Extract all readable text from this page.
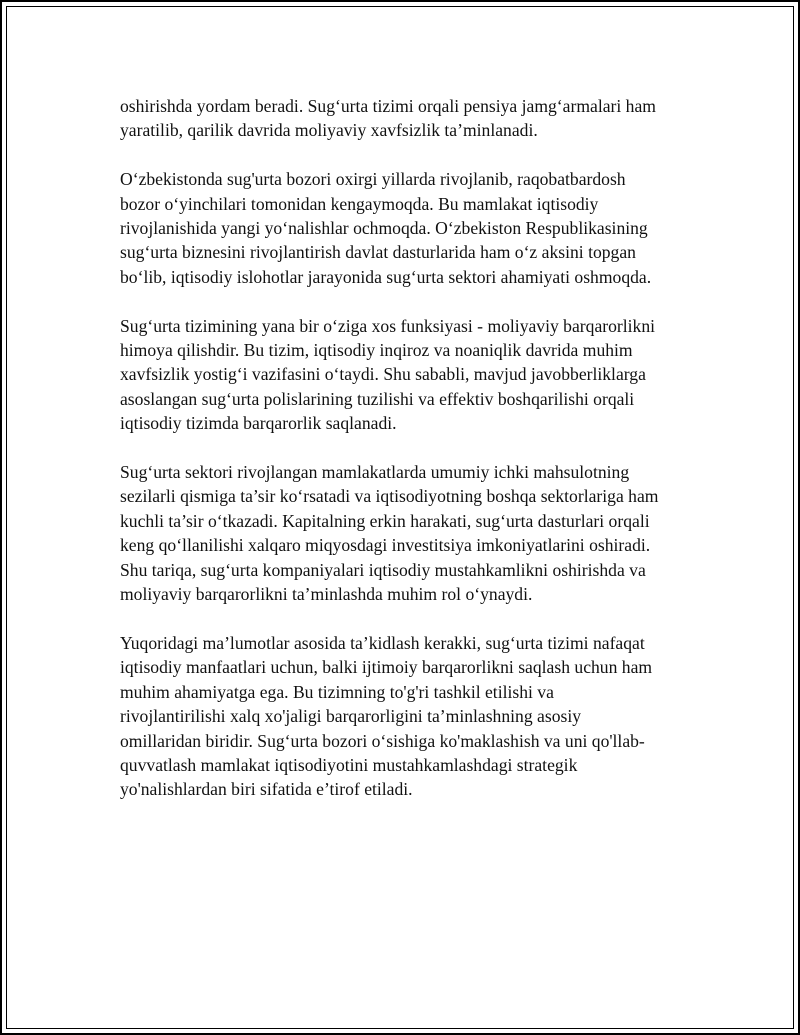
oshirishda yordam beradi. Sug‘urta tizimi orqali pensiya jamg‘armalari ham
yaratilib, qarilik davrida moliyaviy xavfsizlik ta’minlanadi.

O‘zbekistonda sug'urta bozori oxirgi yillarda rivojlanib, raqobatbardosh
bozor o‘yinchilari tomonidan kengaymoqda. Bu mamlakat iqtisodiy
rivojlanishida yangi yo‘nalishlar ochmoqda. O‘zbekiston Respublikasining
sug‘urta biznesini rivojlantirish davlat dasturlarida ham o‘z aksini topgan
bo‘lib, iqtisodiy islohotlar jarayonida sug‘urta sektori ahamiyati oshmoqda.

Sug‘urta tizimining yana bir o‘ziga xos funksiyasi - moliyaviy barqarorlikni
himoya qilishdir. Bu tizim, iqtisodiy inqiroz va noaniqlik davrida muhim
xavfsizlik yostig‘i vazifasini o‘taydi. Shu sababli, mavjud javobberliklarga
asoslangan sug‘urta polislarining tuzilishi va effektiv boshqarilishi orqali
iqtisodiy tizimda barqarorlik saqlanadi.

Sug‘urta sektori rivojlangan mamlakatlarda umumiy ichki mahsulotning
sezilarli qismiga ta’sir ko‘rsatadi va iqtisodiyotning boshqa sektorlariga ham
kuchli ta’sir o‘tkazadi. Kapitalning erkin harakati, sug‘urta dasturlari orqali
keng qo‘llanilishi xalqaro miqyosdagi investitsiya imkoniyatlarini oshiradi.
Shu tariqa, sug‘urta kompaniyalari iqtisodiy mustahkamlikni oshirishda va
moliyaviy barqarorlikni ta’minlashda muhim rol o‘ynaydi.

Yuqoridagi ma’lumotlar asosida ta’kidlash kerakki, sug‘urta tizimi nafaqat
iqtisodiy manfaatlari uchun, balki ijtimoiy barqarorlikni saqlash uchun ham
muhim ahamiyatga ega. Bu tizimning to'g'ri tashkil etilishi va
rivojlantirilishi xalq xo'jaligi barqarorligini ta’minlashning asosiy
omillaridan biridir. Sug‘urta bozori o‘sishiga ko'maklashish va uni qo'llab-
quvvatlash mamlakat iqtisodiyotini mustahkamlashdagi strategik
yo'nalishlardan biri sifatida e’tirof etiladi.
